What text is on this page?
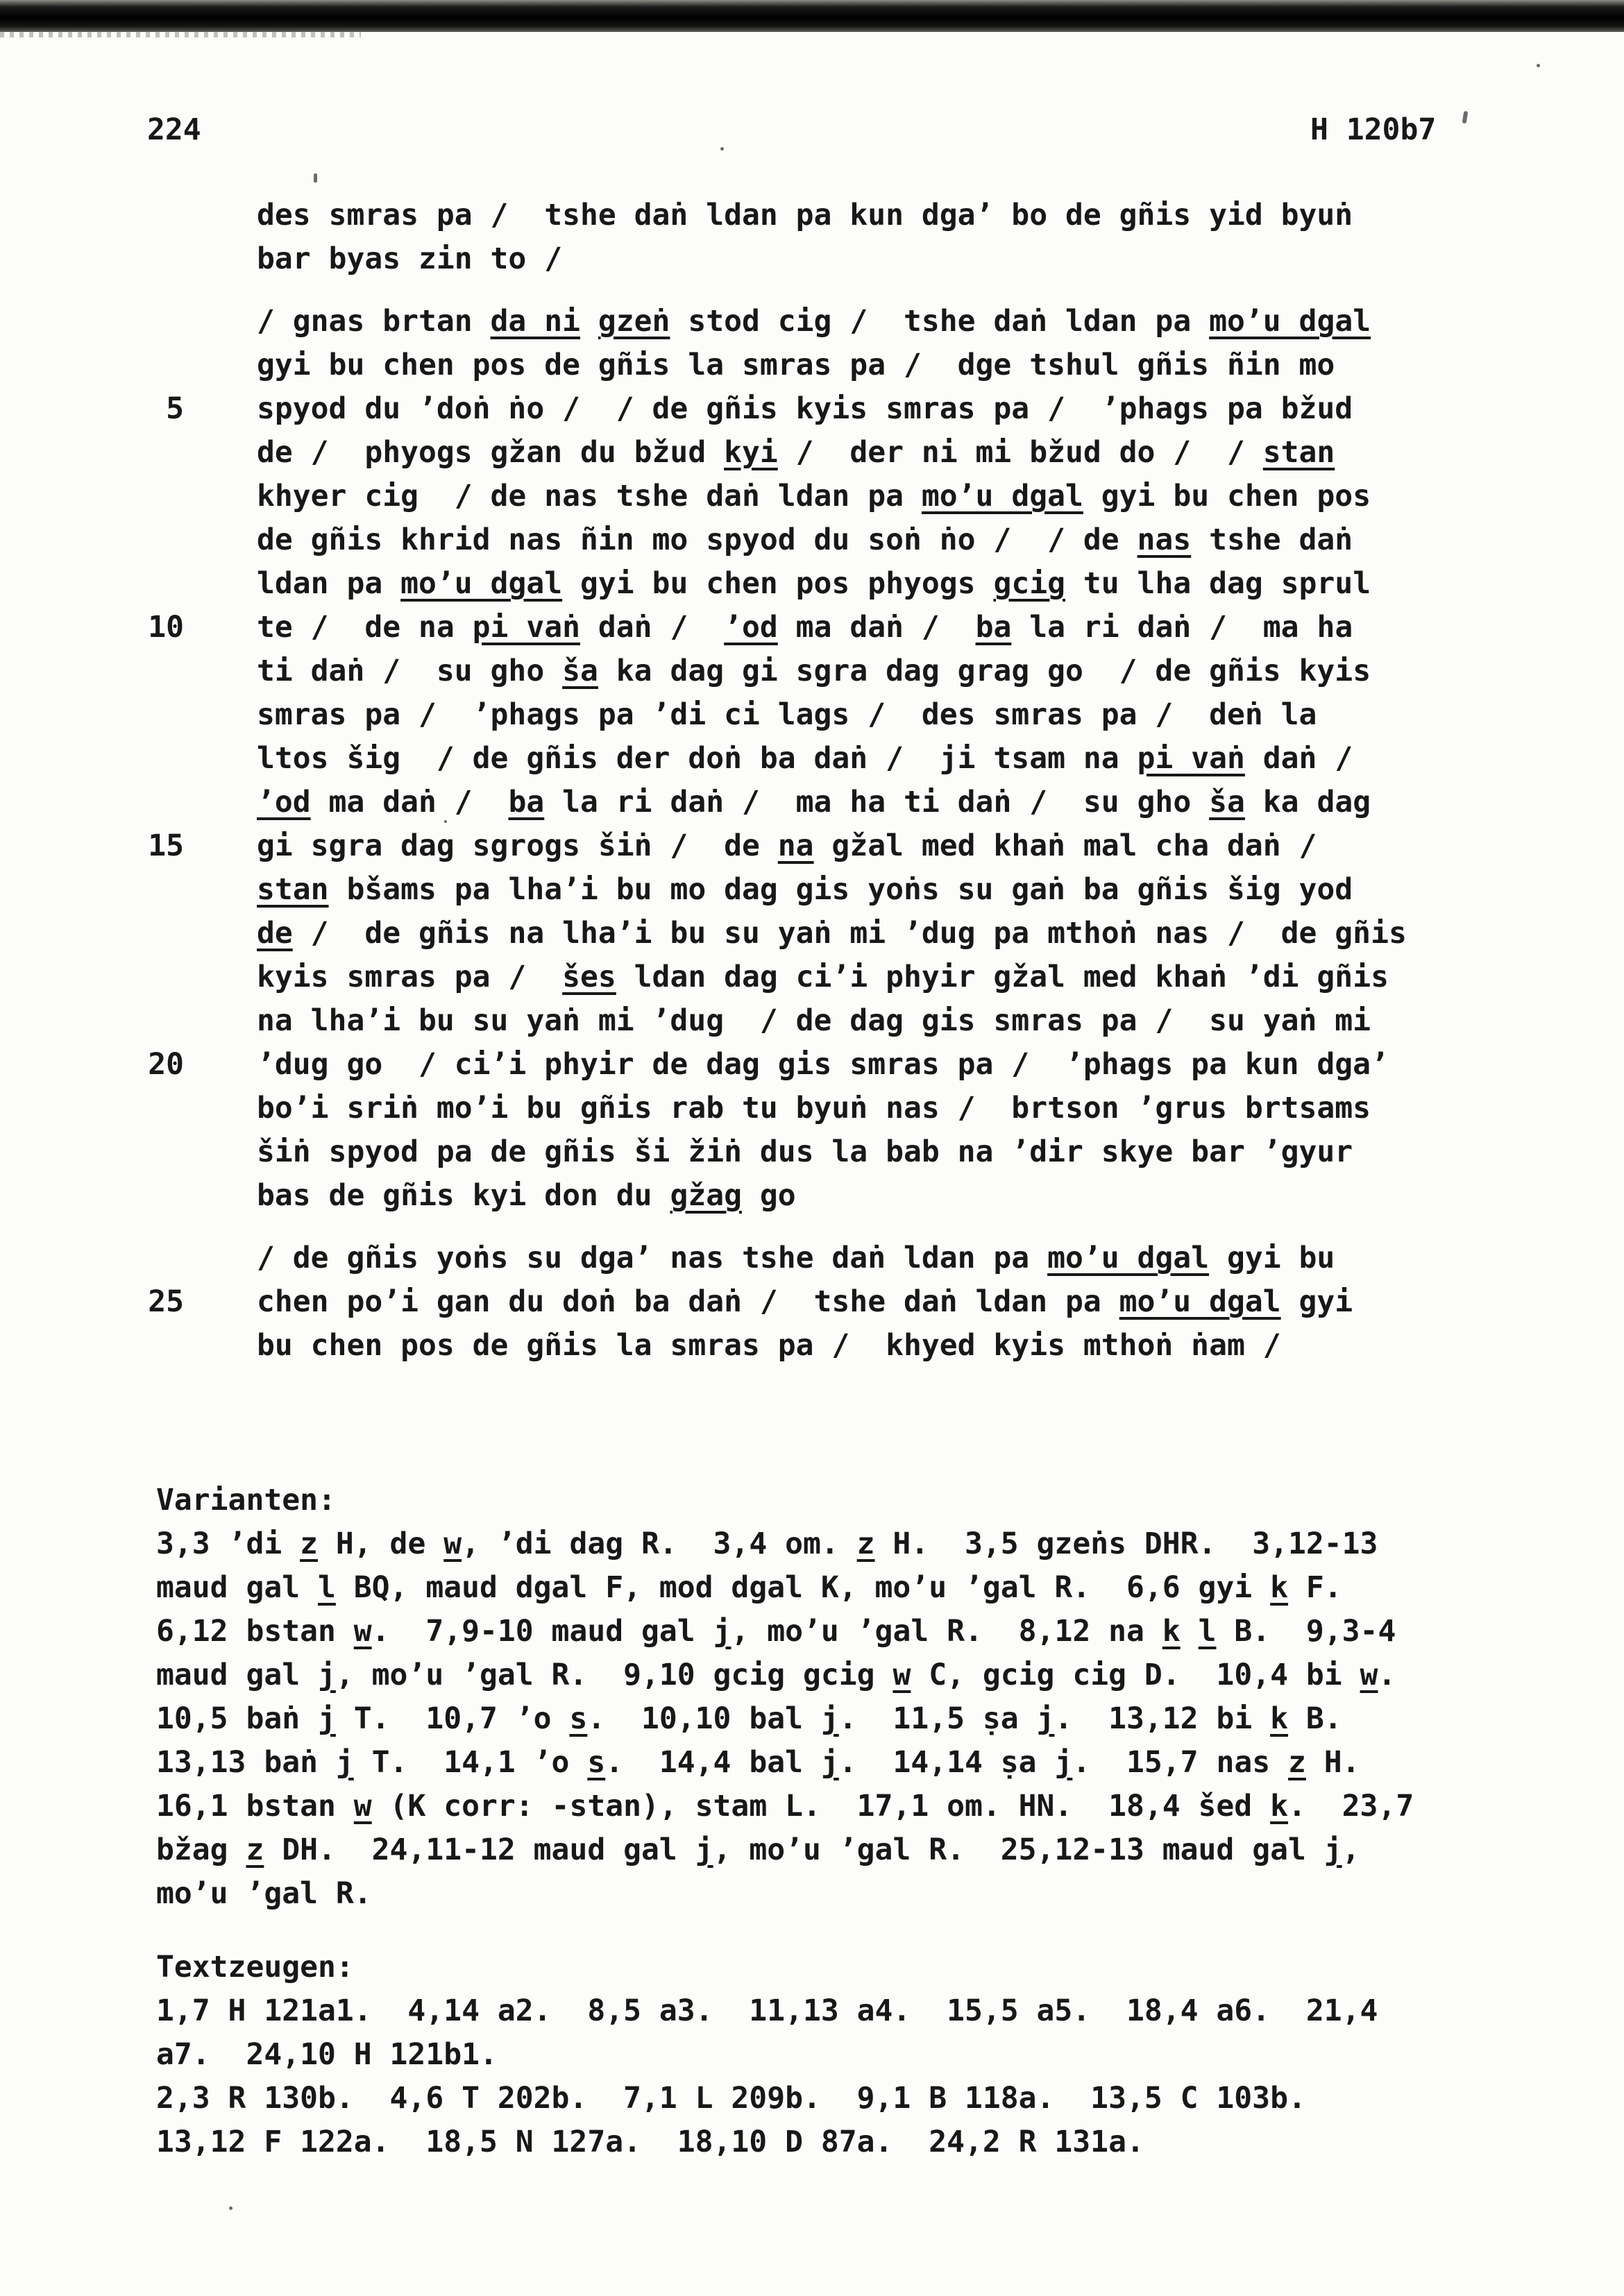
224	H 120b7
des smras pa /  tshe daṅ ldan pa kun dga’ bo de gñis yid byuṅ
bar byas zin to /
/ gnas brtan da ni gzeṅ stod cig /  tshe daṅ ldan pa mo’u dgal
gyi bu chen pos de gñis la smras pa /  dge tshul gñis ñin mo
5 spyod du ’doṅ ṅo /  / de gñis kyis smras pa /  ’phags pa bžud
de /  phyogs gžan du bžud kyi /  der ni mi bžud do /  / stan
khyer cig  / de nas tshe daṅ ldan pa mo’u dgal gyi bu chen pos
de gñis khrid nas ñin mo spyod du soṅ ṅo /  / de nas tshe daṅ
ldan pa mo’u dgal gyi bu chen pos phyogs gcig tu lha dag sprul
10 te /  de na pi vaṅ daṅ /  ’od ma daṅ /  ba la ri daṅ /  ma ha
ti daṅ /  su gho ša ka dag gi sgra dag grag go  / de gñis kyis
smras pa /  ’phags pa ’di ci lags /  des smras pa /  deṅ la
ltos šig  / de gñis der doṅ ba daṅ /  ji tsam na pi vaṅ daṅ /
’od ma daṅ /  ba la ri daṅ /  ma ha ti daṅ /  su gho ša ka dag
15 gi sgra dag sgrogs šiṅ /  de na gžal med khaṅ mal cha daṅ /
stan bšams pa lha’i bu mo dag gis yoṅs su gaṅ ba gñis šig yod
de /  de gñis na lha’i bu su yaṅ mi ’dug pa mthoṅ nas /  de gñis
kyis smras pa /  šes ldan dag ci’i phyir gžal med khaṅ ’di gñis
na lha’i bu su yaṅ mi ’dug  / de dag gis smras pa /  su yaṅ mi
20 ’dug go  / ci’i phyir de dag gis smras pa /  ’phags pa kun dga’
bo’i sriṅ mo’i bu gñis rab tu byuṅ nas /  brtson ’grus brtsams
šiṅ spyod pa de gñis ši žiṅ dus la bab na ’dir skye bar ’gyur
bas de gñis kyi don du gžag go
/ de gñis yoṅs su dga’ nas tshe daṅ ldan pa mo’u dgal gyi bu
25 chen po’i gan du doṅ ba daṅ /  tshe daṅ ldan pa mo’u dgal gyi
bu chen pos de gñis la smras pa /  khyed kyis mthoṅ ṅam /
Varianten:
3,3 ’di z H, de w, ’di dag R.  3,4 om. z H.  3,5 gzeṅs DHR.  3,12-13
maud gal l BQ, maud dgal F, mod dgal K, mo’u ’gal R.  6,6 gyi k F.
6,12 bstan w.  7,9-10 maud gal j, mo’u ’gal R.  8,12 na k l B.  9,3-4
maud gal j, mo’u ’gal R.  9,10 gcig gcig w C, gcig cig D.  10,4 bi w.
10,5 baṅ j T.  10,7 ’o s.  10,10 bal j.  11,5 ṣa j.  13,12 bi k B.
13,13 baṅ j T.  14,1 ’o s.  14,4 bal j.  14,14 ṣa j.  15,7 nas z H.
16,1 bstan w (K corr: -stan), stam L.  17,1 om. HN.  18,4 šed k.  23,7
bžag z DH.  24,11-12 maud gal j, mo’u ’gal R.  25,12-13 maud gal j,
mo’u ’gal R.
Textzeugen:
1,7 H 121a1.  4,14 a2.  8,5 a3.  11,13 a4.  15,5 a5.  18,4 a6.  21,4
a7.  24,10 H 121b1.
2,3 R 130b.  4,6 T 202b.  7,1 L 209b.  9,1 B 118a.  13,5 C 103b.
13,12 F 122a.  18,5 N 127a.  18,10 D 87a.  24,2 R 131a.
